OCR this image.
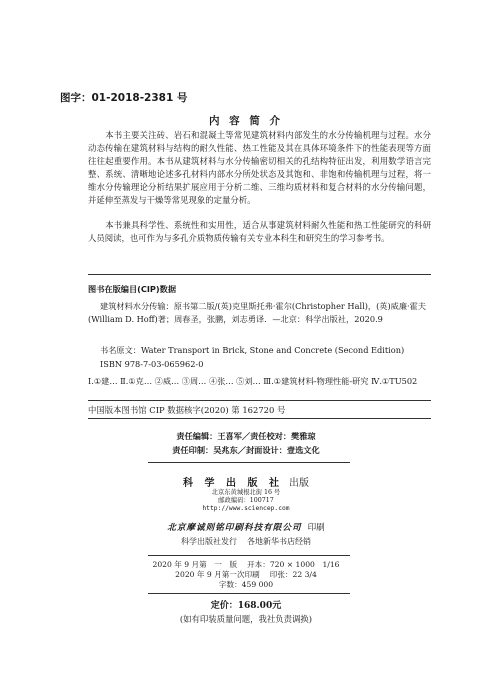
图字：01-2018-2381 号
内 容 简 介
本书主要关注砖、岩石和混凝土等常见建筑材料内部发生的水分传输机理与过程。水分动态传输在建筑材料与结构的耐久性能、热工性能及其在具体环境条件下的性能表现等方面往往起重要作用。本书从建筑材料与水分传输密切相关的孔结构特征出发，利用数学语言完整、系统、清晰地论述多孔材料内部水分所处状态及其饱和、非饱和传输机理与过程，将一维水分传输理论分析结果扩展应用于分析二维、三维均质材料和复合材料的水分传输问题，并延伸至蒸发与干燥等常见现象的定量分析。
本书兼具科学性、系统性和实用性，适合从事建筑材料耐久性能和热工性能研究的科研人员阅读，也可作为与多孔介质物质传输有关专业本科生和研究生的学习参考书。
图书在版编目(CIP)数据
建筑材料水分传输：原书第二版/(英)克里斯托弗·霍尔(Christopher Hall)，(英)威廉·霍夫(William D. Hoff)著；周春圣，张鹏，刘志勇译．—北京：科学出版社，2020.9
书名原文：Water Transport in Brick, Stone and Concrete (Second Edition)
ISBN 978-7-03-065962-0
Ⅰ.①建… Ⅱ.①克… ②威… ③周… ④张… ⑤刘… Ⅲ.①建筑材料-物理性能-研究 Ⅳ.①TU502
中国版本图书馆 CIP 数据核字(2020) 第 162720 号
责任编辑：王喜军／责任校对：樊雅琼
责任印制：吴兆东／封面设计：壹选文化
科 学 出 版 社 出版
北京东黄城根北街 16 号
邮政编码：100717
http://www.sciencep.com
北京摩诚则铭印刷科技有限公司 印刷
科学出版社发行 各地新华书店经销
2020 年 9 月第　一　版 开本：720 × 1000　1/16
2020 年 9 月第一次印刷 印张：22 3/4
字数：459 000
定价：168.00元
(如有印装质量问题，我社负责调换)
